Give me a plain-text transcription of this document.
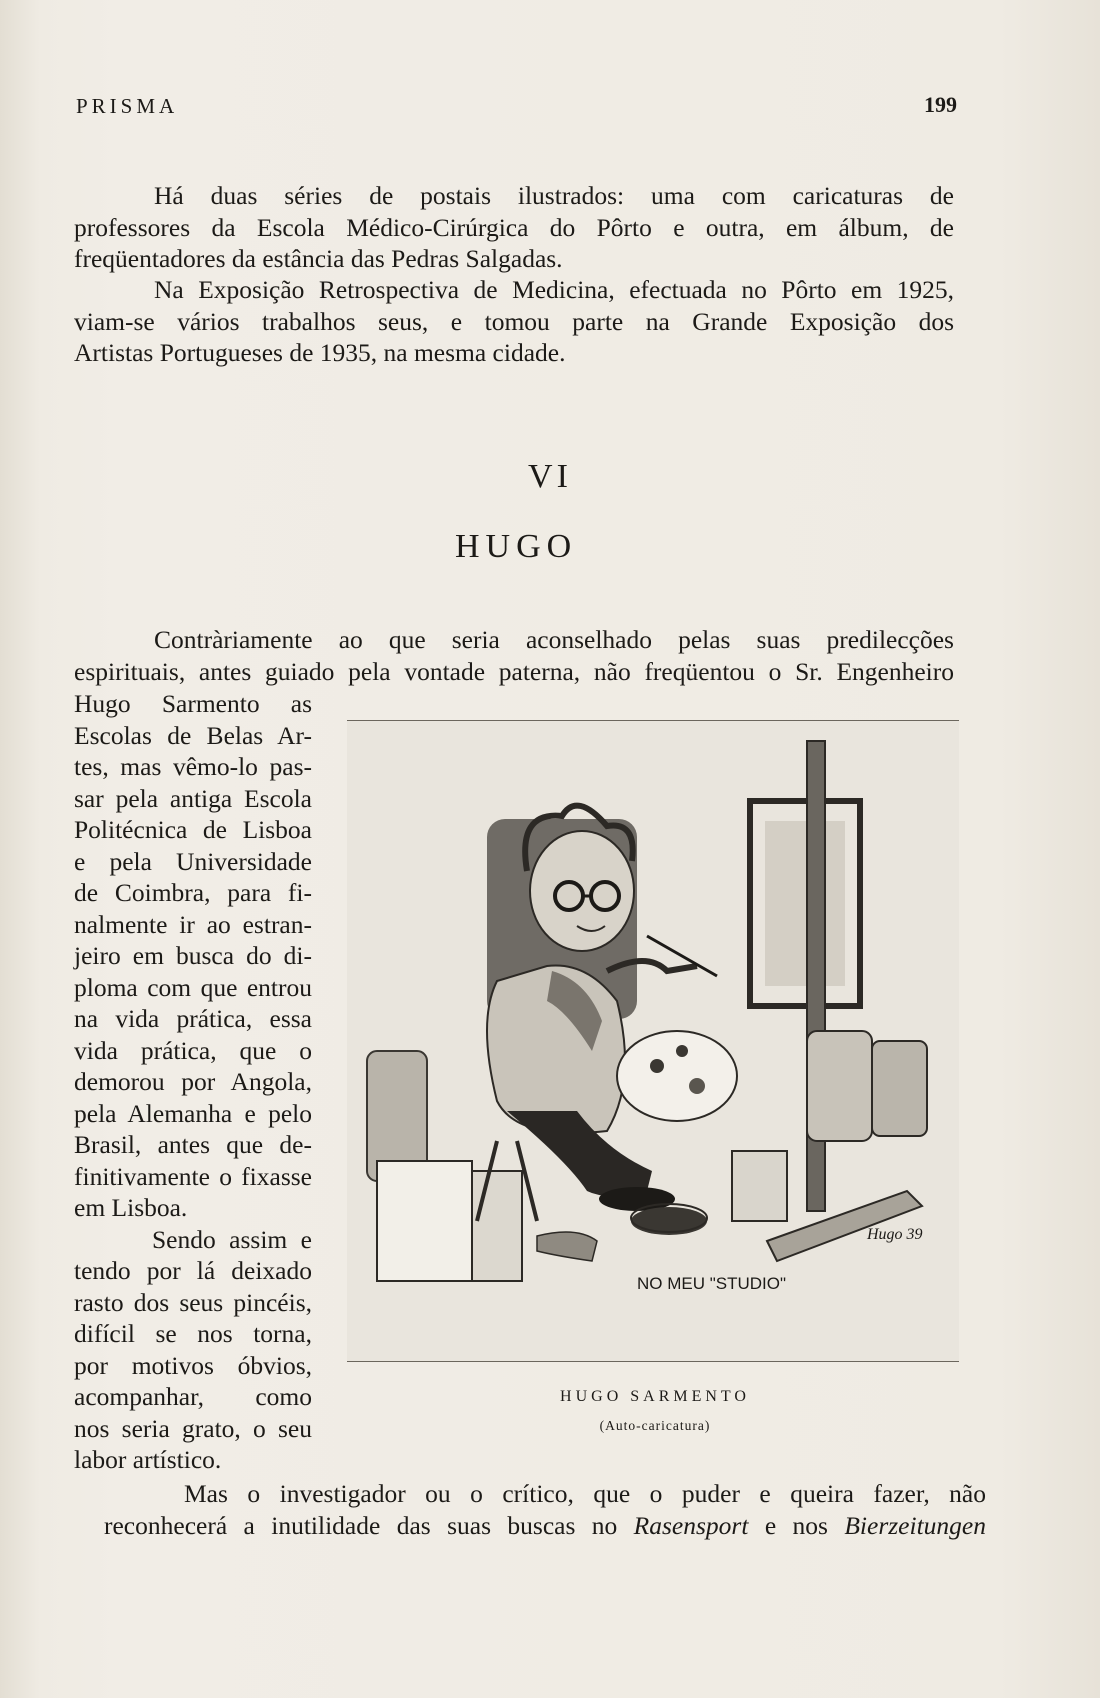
PRISMA	199
Há duas séries de postais ilustrados: uma com caricaturas de
professores da Escola Médico-Cirúrgica do Pôrto e outra, em álbum, de
freqüentadores da estância das Pedras Salgadas.
Na Exposição Retrospectiva de Medicina, efectuada no Pôrto em 1925,
viam-se vários trabalhos seus, e tomou parte na Grande Exposição dos
Artistas Portugueses de 1935, na mesma cidade.
VI
HUGO
Contràriamente ao que seria aconselhado pelas suas predilecções
espirituais, antes guiado pela vontade paterna, não freqüentou o Sr. Engenheiro
Hugo Sarmento as
Escolas de Belas Ar-
tes, mas vêmo-lo pas-
sar pela antiga Escola
Politécnica de Lisboa
e pela Universidade
de Coimbra, para fi-
nalmente ir ao estran-
jeiro em busca do di-
ploma com que entrou
na vida prática, essa
vida prática, que o
demorou por Angola,
pela Alemanha e pelo
Brasil, antes que de-
finitivamente o fixasse
em Lisboa.
Sendo assim e
tendo por lá deixado
rasto dos seus pincéis,
difícil se nos torna,
por motivos óbvios,
acompanhar, como
nos seria grato, o seu
labor artístico.
Hugo 39
NO MEU "STUDIO"
HUGO SARMENTO
(Auto-caricatura)
Mas o investigador ou o crítico, que o puder e queira fazer, não
reconhecerá a inutilidade das suas buscas no Rasensport e nos Bierzeitungen
